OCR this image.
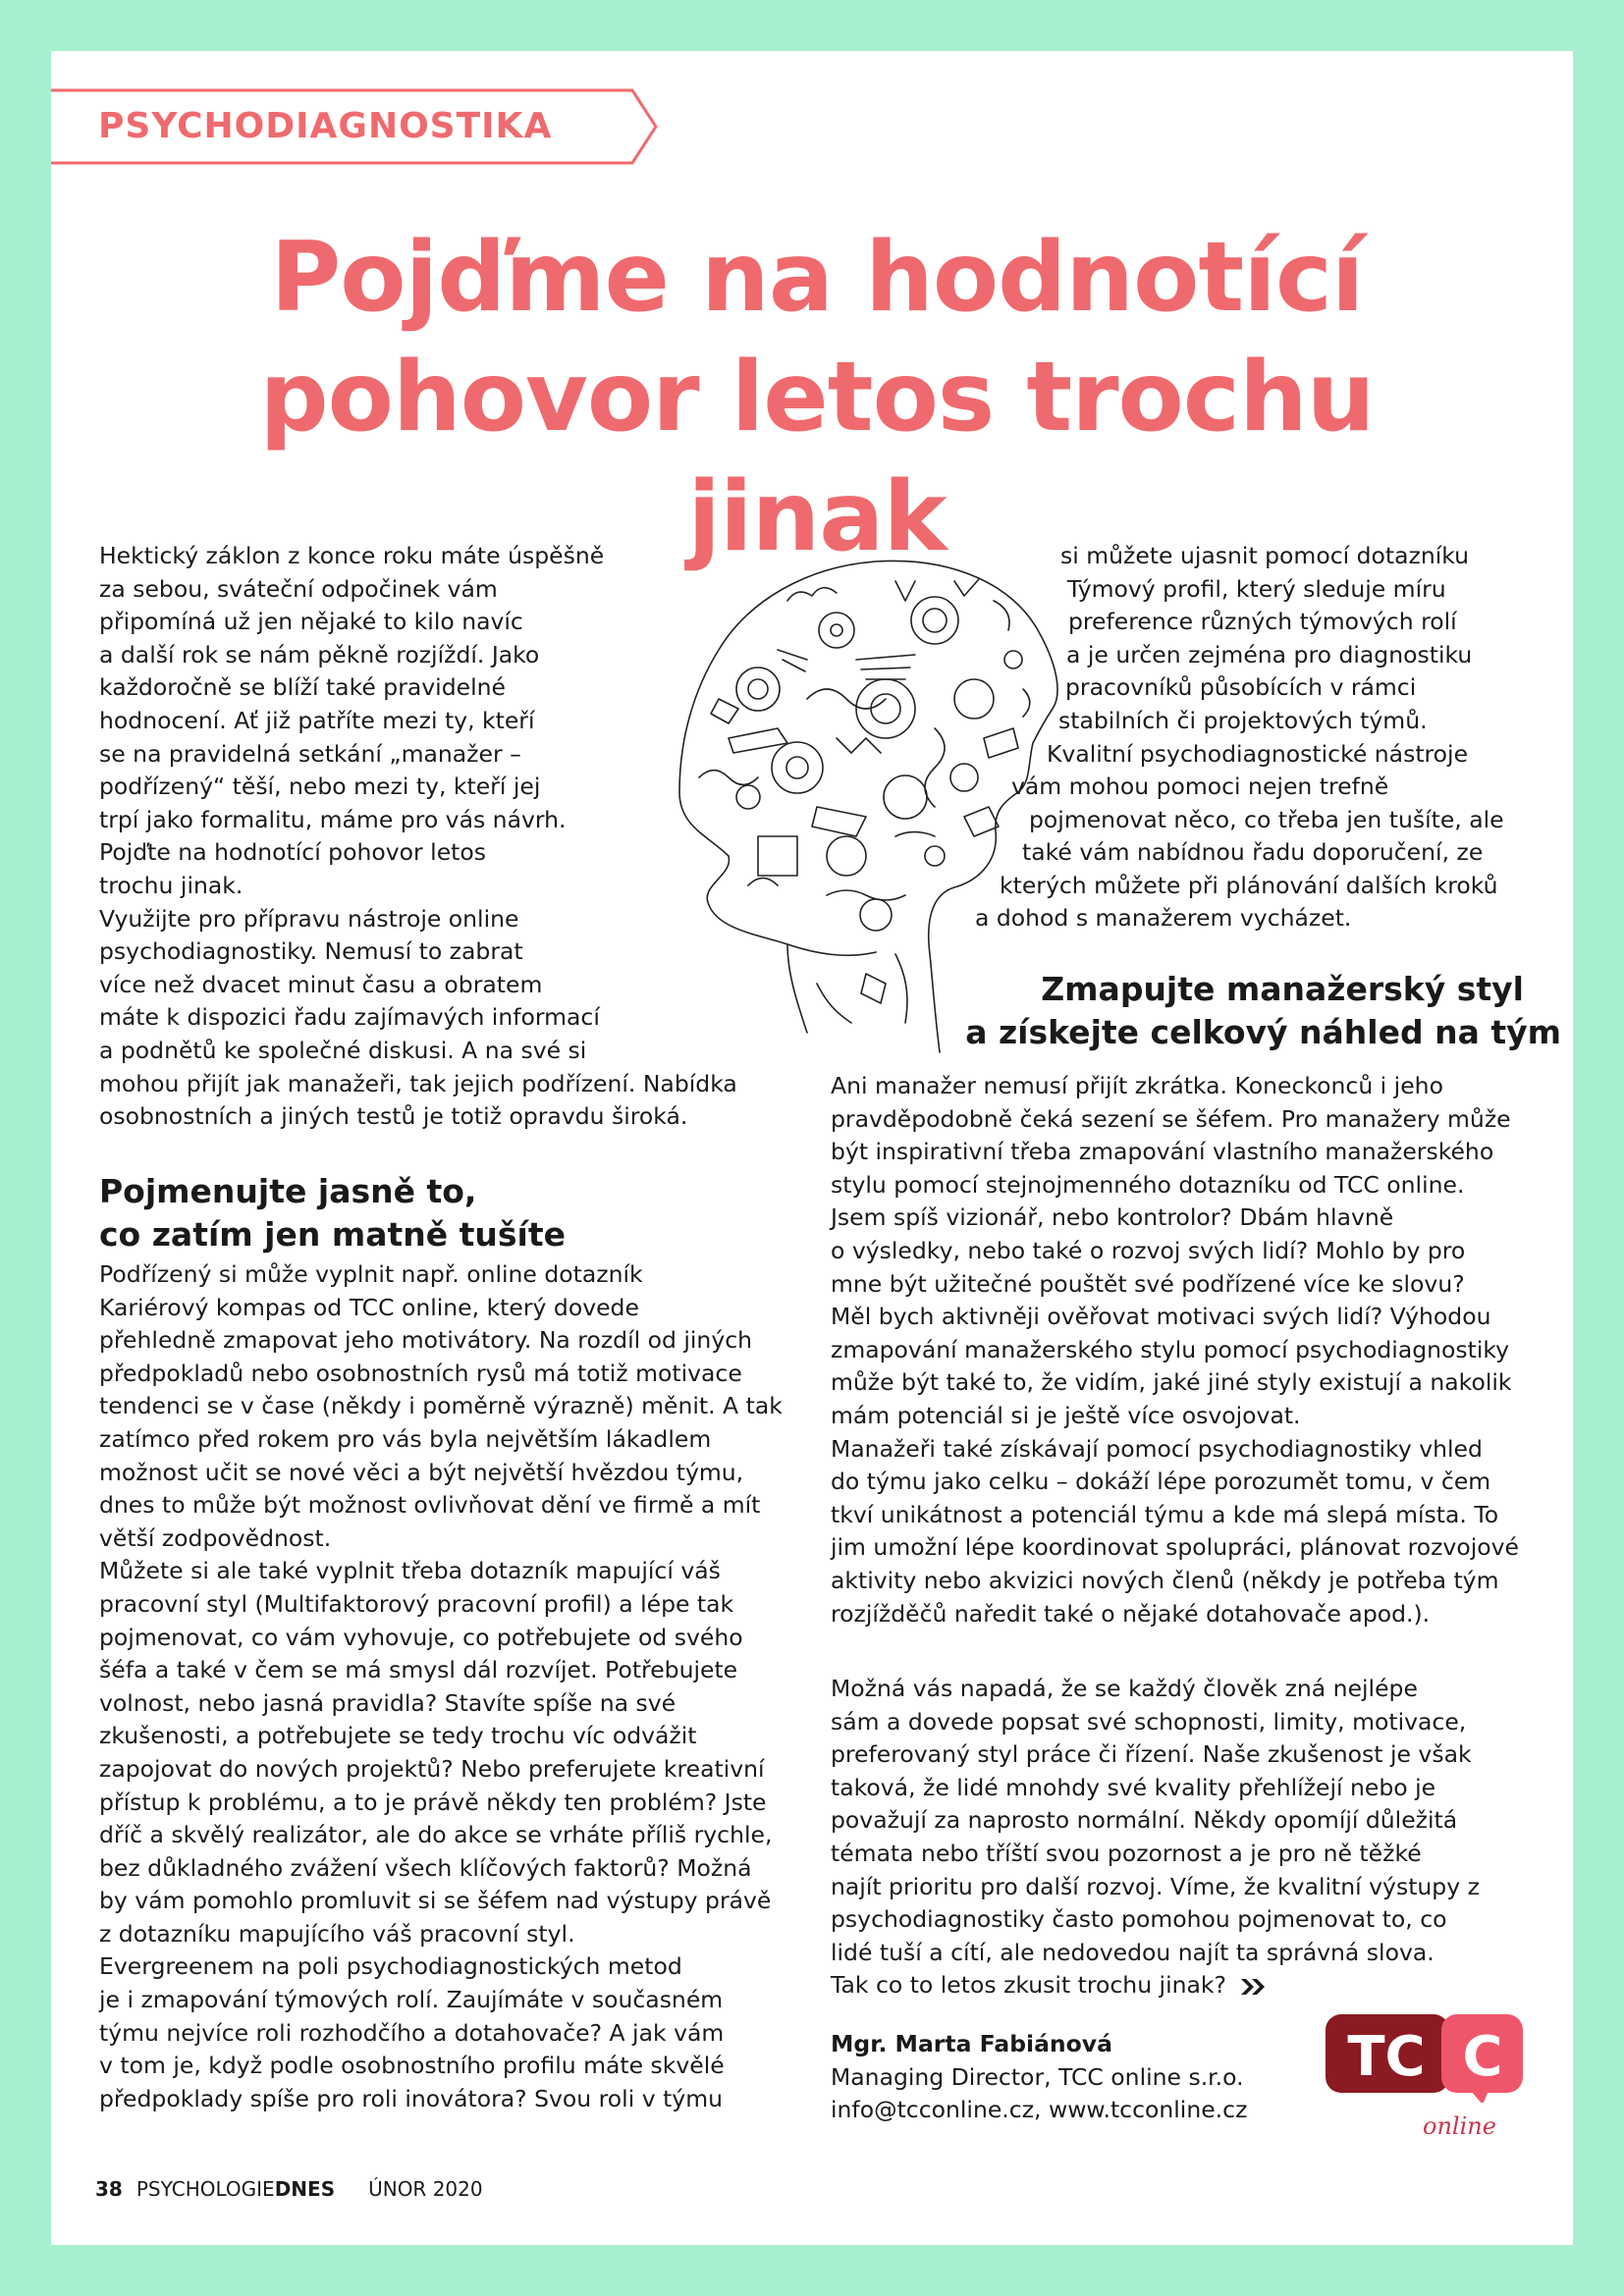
PSYCHODIAGNOSTIKA
Pojďme na hodnotící
pohovor letos trochu jinak
Hektický záklon z konce roku máte úspěšně
za sebou, sváteční odpočinek vám
připomíná už jen nějaké to kilo navíc
a další rok se nám pěkně rozjíždí. Jako
každoročně se blíží také pravidelné
hodnocení. Ať již patříte mezi ty, kteří
se na pravidelná setkání „manažer –
podřízený“ těší, nebo mezi ty, kteří jej
trpí jako formalitu, máme pro vás návrh.
Pojďte na hodnotící pohovor letos
trochu jinak.
Využijte pro přípravu nástroje online
psychodiagnostiky. Nemusí to zabrat
více než dvacet minut času a obratem
máte k dispozici řadu zajímavých informací
a podnětů ke společné diskusi. A na své si
mohou přijít jak manažeři, tak jejich podřízení. Nabídka
osobnostních a jiných testů je totiž opravdu široká.
si můžete ujasnit pomocí dotazníku
Týmový profil, který sleduje míru
preference různých týmových rolí
a je určen zejména pro diagnostiku
pracovníků působících v rámci
stabilních či projektových týmů.
Kvalitní psychodiagnostické nástroje
vám mohou pomoci nejen trefně
pojmenovat něco, co třeba jen tušíte, ale
také vám nabídnou řadu doporučení, ze
kterých můžete při plánování dalších kroků
a dohod s manažerem vycházet.
Pojmenujte jasně to,
co zatím jen matně tušíte
Podřízený si může vyplnit např. online dotazník
Kariérový kompas od TCC online, který dovede
přehledně zmapovat jeho motivátory. Na rozdíl od jiných
předpokladů nebo osobnostních rysů má totiž motivace
tendenci se v čase (někdy i poměrně výrazně) měnit. A tak
zatímco před rokem pro vás byla největším lákadlem
možnost učit se nové věci a být největší hvězdou týmu,
dnes to může být možnost ovlivňovat dění ve firmě a mít
větší zodpovědnost.
Můžete si ale také vyplnit třeba dotazník mapující váš
pracovní styl (Multifaktorový pracovní profil) a lépe tak
pojmenovat, co vám vyhovuje, co potřebujete od svého
šéfa a také v čem se má smysl dál rozvíjet. Potřebujete
volnost, nebo jasná pravidla? Stavíte spíše na své
zkušenosti, a potřebujete se tedy trochu víc odvážit
zapojovat do nových projektů? Nebo preferujete kreativní
přístup k problému, a to je právě někdy ten problém? Jste
dříč a skvělý realizátor, ale do akce se vrháte příliš rychle,
bez důkladného zvážení všech klíčových faktorů? Možná
by vám pomohlo promluvit si se šéfem nad výstupy právě
z dotazníku mapujícího váš pracovní styl.
Evergreenem na poli psychodiagnostických metod
je i zmapování týmových rolí. Zaujímáte v současném
týmu nejvíce roli rozhodčího a dotahovače? A jak vám
v tom je, když podle osobnostního profilu máte skvělé
předpoklady spíše pro roli inovátora? Svou roli v týmu
Zmapujte manažerský styl
a získejte celkový náhled na tým
Ani manažer nemusí přijít zkrátka. Koneckonců i jeho
pravděpodobně čeká sezení se šéfem. Pro manažery může
být inspirativní třeba zmapování vlastního manažerského
stylu pomocí stejnojmenného dotazníku od TCC online.
Jsem spíš vizionář, nebo kontrolor? Dbám hlavně
o výsledky, nebo také o rozvoj svých lidí? Mohlo by pro
mne být užitečné pouštět své podřízené více ke slovu?
Měl bych aktivněji ověřovat motivaci svých lidí? Výhodou
zmapování manažerského stylu pomocí psychodiagnostiky
může být také to, že vidím, jaké jiné styly existují a nakolik
mám potenciál si je ještě více osvojovat.
Manažeři také získávají pomocí psychodiagnostiky vhled
do týmu jako celku – dokáží lépe porozumět tomu, v čem
tkví unikátnost a potenciál týmu a kde má slepá místa. To
jim umožní lépe koordinovat spolupráci, plánovat rozvojové
aktivity nebo akvizici nových členů (někdy je potřeba tým
rozjížděčů naředit také o nějaké dotahovače apod.).
Možná vás napadá, že se každý člověk zná nejlépe
sám a dovede popsat své schopnosti, limity, motivace,
preferovaný styl práce či řízení. Naše zkušenost je však
taková, že lidé mnohdy své kvality přehlížejí nebo je
považují za naprosto normální. Někdy opomíjí důležitá
témata nebo tříští svou pozornost a je pro ně těžké
najít prioritu pro další rozvoj. Víme, že kvalitní výstupy z
psychodiagnostiky často pomohou pojmenovat to, co
lidé tuší a cítí, ale nedovedou najít ta správná slova.
Tak co to letos zkusit trochu jinak?
Mgr. Marta Fabiánová
Managing Director, TCC online s.r.o.
info@tcconline.cz, www.tcconline.cz
TC C
online
38 PSYCHOLOGIEDNES ÚNOR 2020
